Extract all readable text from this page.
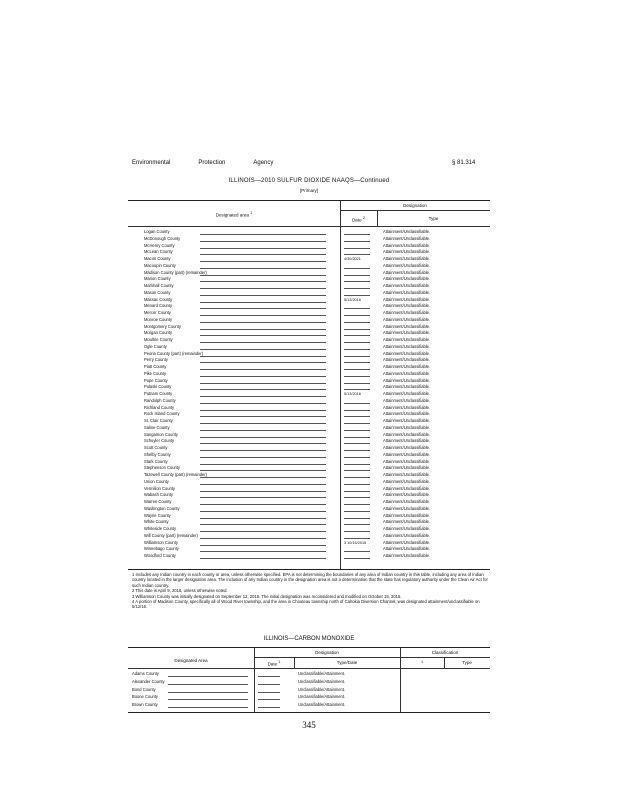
Environmental	Protection	Agency	§ 81.314
ILLINOIS—2010 SULFUR DIOXIDE NAAQS—Continued
[Primary]
Designation
Designated area $^1$
Date $^2$	Type
Logan County	Attainment/Unclassifiable.
McDonough County	Attainment/Unclassifiable.
McHenry County	Attainment/Unclassifiable.
McLean County	Attainment/Unclassifiable.
Macon County	4/30/2021	Attainment/Unclassifiable.
Macoupin County	Attainment/Unclassifiable.
Madison County (part) (remainder)	Attainment/Unclassifiable.
Marion County	Attainment/Unclassifiable.
Marshall County	Attainment/Unclassifiable.
Mason County	Attainment/Unclassifiable.
Massac County	5/13/2016	Attainment/Unclassifiable.
Menard County	Attainment/Unclassifiable.
Mercer County	Attainment/Unclassifiable.
Monroe County	Attainment/Unclassifiable.
Montgomery County	Attainment/Unclassifiable.
Morgan County	Attainment/Unclassifiable.
Moultrie County	Attainment/Unclassifiable.
Ogle County	Attainment/Unclassifiable.
Peoria County (part) (remainder)	Attainment/Unclassifiable.
Perry County	Attainment/Unclassifiable.
Piatt County	Attainment/Unclassifiable.
Pike County	Attainment/Unclassifiable.
Pope County	Attainment/Unclassifiable.
Pulaski County	Attainment/Unclassifiable.
Putnam County	5/13/2016	Attainment/Unclassifiable.
Randolph County	Attainment/Unclassifiable.
Richland County	Attainment/Unclassifiable.
Rock Island County	Attainment/Unclassifiable.
St. Clair County	Attainment/Unclassifiable.
Saline County	Attainment/Unclassifiable.
Sangamon County	Attainment/Unclassifiable.
Schuyler County	Attainment/Unclassifiable.
Scott County	Attainment/Unclassifiable.
Shelby County	Attainment/Unclassifiable.
Stark County	Attainment/Unclassifiable.
Stephenson County	Attainment/Unclassifiable.
Tazewell County (part) (remainder)	Attainment/Unclassifiable.
Union County	Attainment/Unclassifiable.
Vermilion County	Attainment/Unclassifiable.
Wabash County	Attainment/Unclassifiable.
Warren County	Attainment/Unclassifiable.
Washington County	Attainment/Unclassifiable.
Wayne County	Attainment/Unclassifiable.
White County	Attainment/Unclassifiable.
Whiteside County	Attainment/Unclassifiable.
Will County (part) (remainder)	Attainment/Unclassifiable.
Williamson County	3 10/15/2015	Attainment/Unclassifiable.
Winnebago County	Attainment/Unclassifiable.
Woodford County	Attainment/Unclassifiable.

1 Includes any Indian country in each county or area, unless otherwise specified. EPA is not determining the boundaries of any area of Indian country in this table, including any area of Indian country located in the larger designation area. The inclusion of any Indian country in the designation area is not a determination that the state has regulatory authority under the Clean Air Act for such Indian country.

2 This date is April 9, 2018, unless otherwise noted.

3 Williamson County was initially designated on September 12, 2016. The initial designation was reconsidered and modified on October 15, 2015.

4 A portion of Madison County, specifically all of Wood River township, and the area in Chouteau township north of Cahokia Diversion Channel, was designated attainment/unclassifiable on 5/12/16.

ILLINOIS—CARBON MONOXIDE
Designated Area
Designation	Classification
Date $^1$	Type/Date	$^1$	Type
Adams County	Unclassifiable/Attainment.
Alexander County	Unclassifiable/Attainment.
Bond County	Unclassifiable/Attainment.
Boone County	Unclassifiable/Attainment.
Brown County	Unclassifiable/Attainment.
345
